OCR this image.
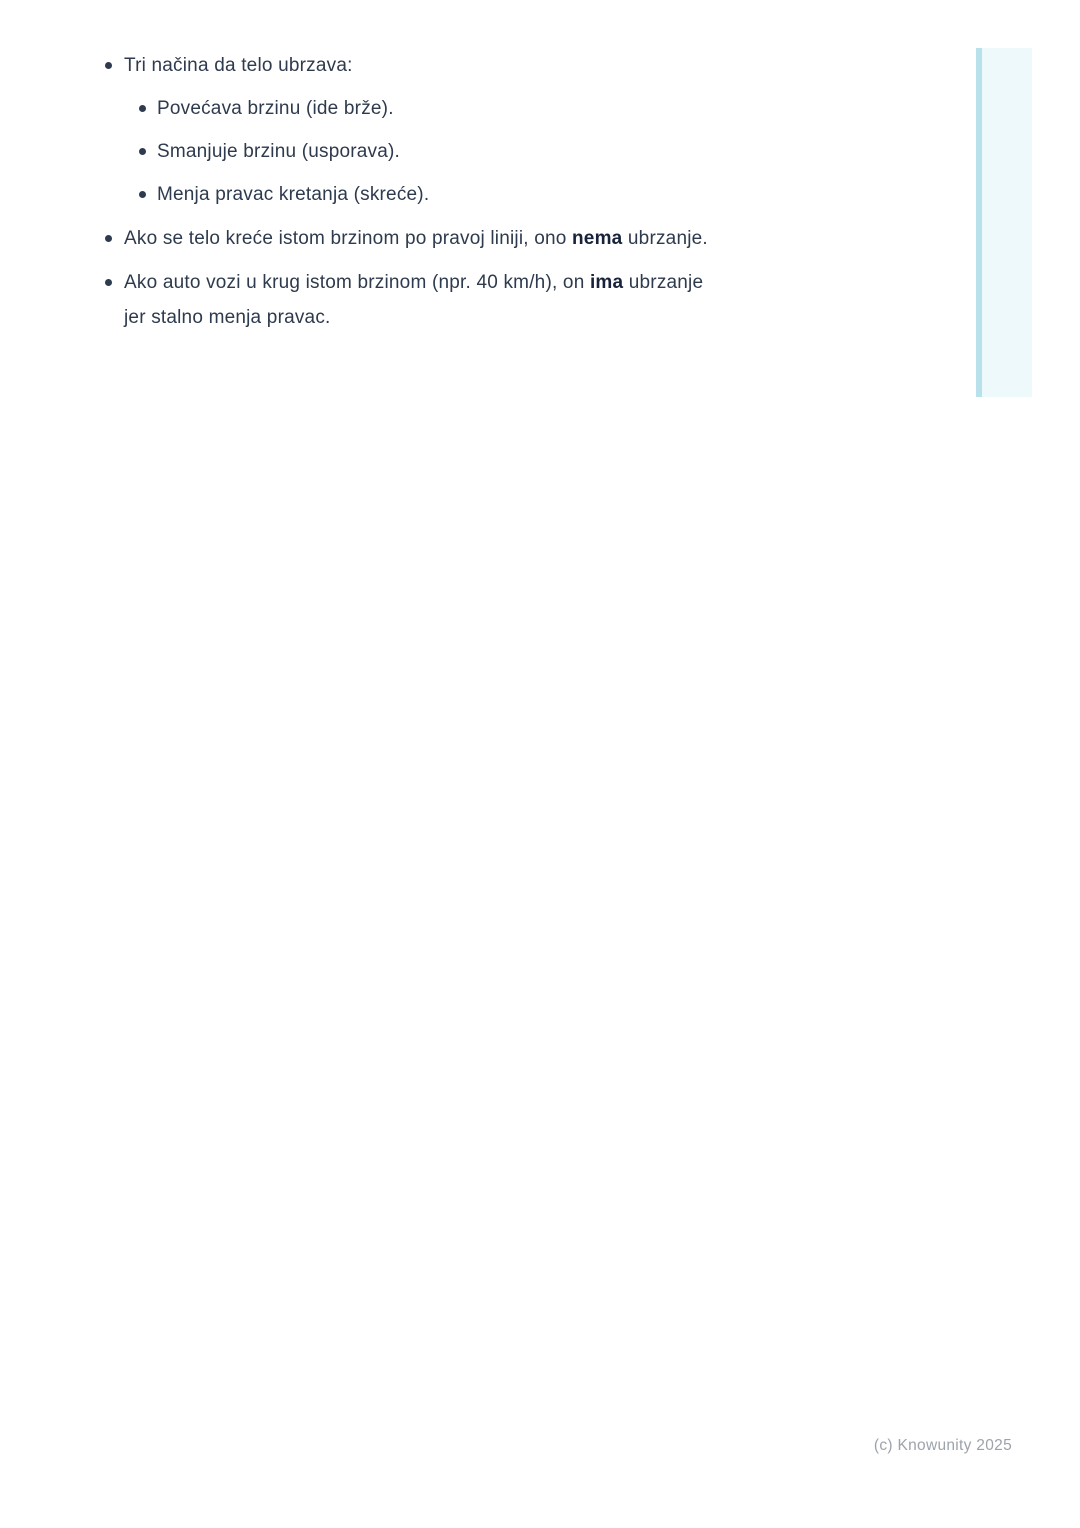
Tri načina da telo ubrzava:
Povećava brzinu (ide brže).
Smanjuje brzinu (usporava).
Menja pravac kretanja (skreće).
Ako se telo kreće istom brzinom po pravoj liniji, ono nema ubrzanje.
Ako auto vozi u krug istom brzinom (npr. 40 km/h), on ima ubrzanje
jer stalno menja pravac.
(c) Knowunity 2025
